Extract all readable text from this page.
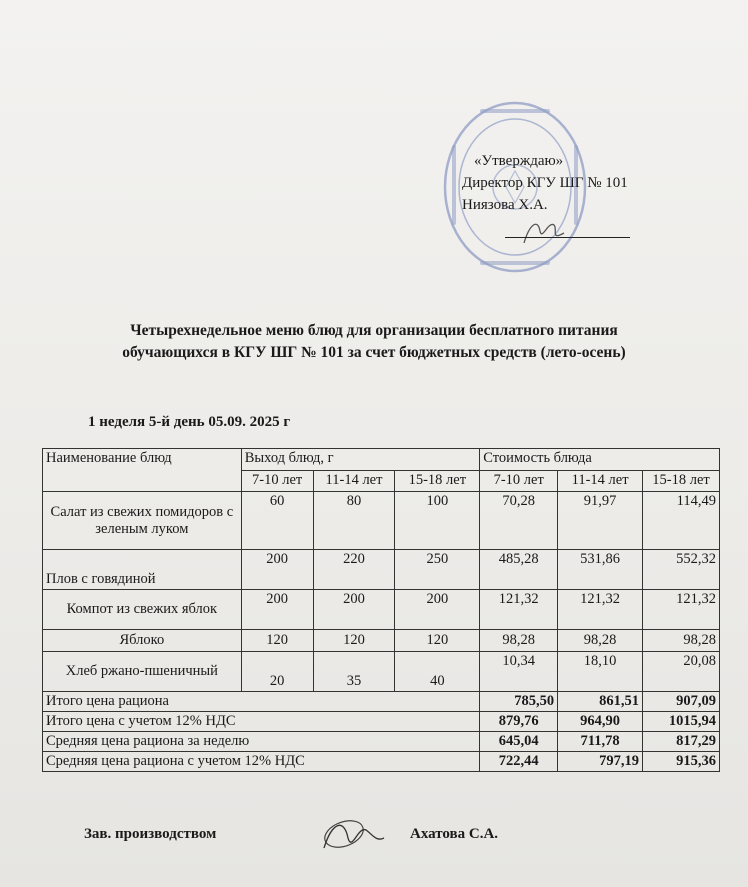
«Утверждаю»
Директор КГУ ШГ № 101
Ниязова Х.А.
Четырехнедельное меню блюд для организации бесплатного питания
обучающихся в КГУ ШГ № 101 за счет бюджетных средств (лето-осень)
1 неделя 5-й день 05.09. 2025 г
Наименование блюд	Выход блюд, г			Стоимость блюда		
	7-10 лет	11-14 лет	15-18 лет	7-10 лет	11-14 лет	15-18 лет
Салат из свежих помидоров с зеленым луком	60	80	100	70,28	91,97	114,49
Плов с говядиной	200	220	250	485,28	531,86	552,32
Компот из свежих яблок	200	200	200	121,32	121,32	121,32
Яблоко	120	120	120	98,28	98,28	98,28
Хлеб ржано-пшеничный	20	35	40	10,34	18,10	20,08
Итого цена рациона				785,50	861,51	907,09
Итого цена с учетом 12% НДС				879,76	964,90	1015,94
Средняя цена рациона за неделю				645,04	711,78	817,29
Средняя цена рациона с учетом 12% НДС				722,44	797,19	915,36
Зав. производством	Ахатова С.А.
